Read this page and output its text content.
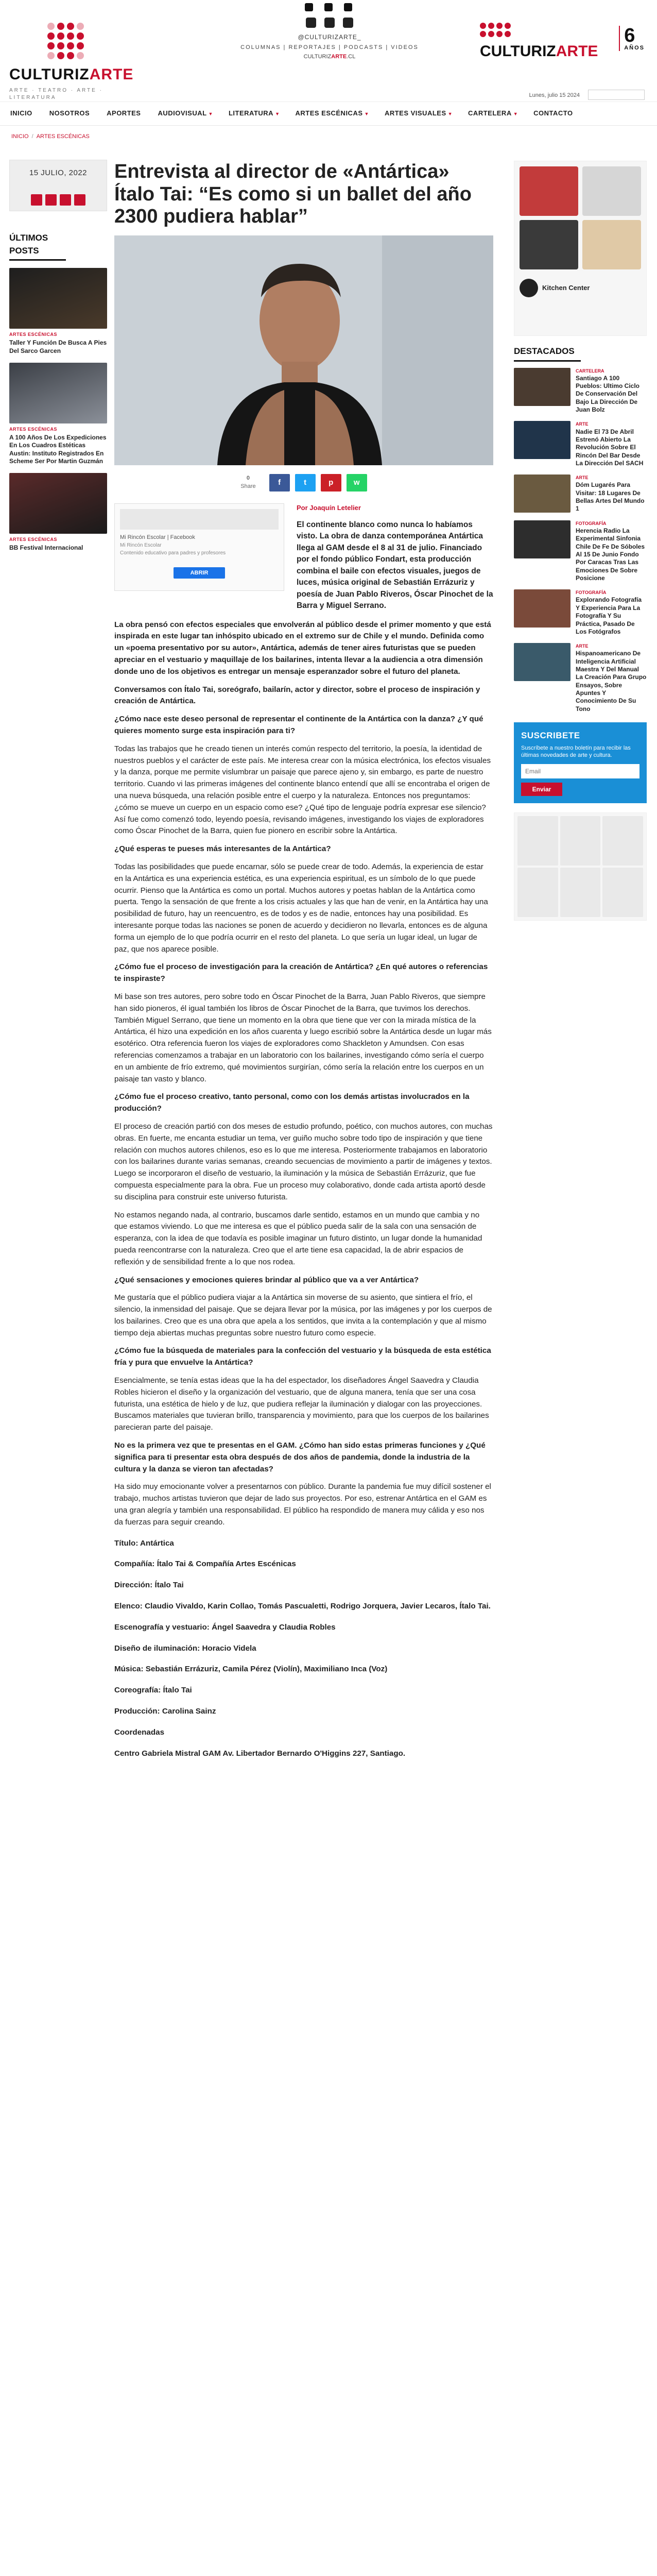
CULTURIZARTE
ARTE · TEATRO · ARTE · LITERATURA
@CULTURIZARTE_
COLUMNAS | REPORTAJES | PODCASTS | VIDEOS
CULTURIZARTE.CL	CULTURIZARTE
6
AÑOS
Lunes, julio 15 2024
INICIO	NOSOTROS	APORTES	AUDIOVISUAL ▼ LITERATURA ▼ ARTES ESCÉNICAS ▼ ARTES VISUALES ▼ CARTELERA ▼ CONTACTO
INICIO / ARTES ESCÉNICAS
15 JULIO, 2022
ÚLTIMOS POSTS
ARTES ESCÉNICAS
Taller Y Función De Busca A Pies Del Sarco Garcen
ARTES ESCÉNICAS
A 100 Años De Los Expediciones En Los Cuadros Estéticas Austin: Instituto Registrados En Scheme Ser Por Martin Guzmán
ARTES ESCÉNICAS
BB Festival Internacional
Entrevista al director de «Antártica» Ítalo Tai: “Es como si un ballet del año 2300 pudiera hablar”
0
Share	f	t	p	w
Mi Rincón Escolar | Facebook
Mi Rincón Escolar
Contenido educativo para padres y profesores
ABRIR
Por Joaquín Letelier

El continente blanco como nunca lo habíamos visto. La obra de danza contemporánea Antártica llega al GAM desde el 8 al 31 de julio. Financiado por el fondo público Fondart, esta producción combina el baile con efectos visuales, juegos de luces, música original de Sebastián Errázuriz y poesía de Juan Pablo Riveros, Óscar Pinochet de la Barra y Miguel Serrano.

La obra pensó con efectos especiales que envolverán al público desde el primer momento y que está inspirada en este lugar tan inhóspito ubicado en el extremo sur de Chile y el mundo. Definida como un «poema presentativo por su autor», Antártica, además de tener aires futuristas que se pueden apreciar en el vestuario y maquillaje de los bailarines, intenta llevar a la audiencia a otra dimensión donde uno de los objetivos es entregar un mensaje esperanzador sobre el futuro del planeta.

Conversamos con Ítalo Tai, soreógrafo, bailarín, actor y director, sobre el proceso de inspiración y creación de Antártica.

¿Cómo nace este deseo personal de representar el continente de la Antártica con la danza? ¿Y qué quieres momento surge esta inspiración para ti?

Todas las trabajos que he creado tienen un interés común respecto del territorio, la poesía, la identidad de nuestros pueblos y el carácter de este país. Me interesa crear con la música electrónica, los efectos visuales y la danza, porque me permite vislumbrar un paisaje que parece ajeno y, sin embargo, es parte de nuestro territorio. Cuando vi las primeras imágenes del continente blanco entendí que allí se encontraba el origen de una nueva búsqueda, una relación posible entre el cuerpo y la naturaleza. Entonces nos preguntamos: ¿cómo se mueve un cuerpo en un espacio como ese? ¿Qué tipo de lenguaje podría expresar ese silencio? Así fue como comenzó todo, leyendo poesía, revisando imágenes, investigando los viajes de exploradores como Óscar Pinochet de la Barra, quien fue pionero en escribir sobre la Antártica.

¿Qué esperas te pueses más interesantes de la Antártica?

Todas las posibilidades que puede encarnar, sólo se puede crear de todo. Además, la experiencia de estar en la Antártica es una experiencia estética, es una experiencia espiritual, es un símbolo de lo que puede ocurrir. Pienso que la Antártica es como un portal. Muchos autores y poetas hablan de la Antártica como puerta. Tengo la sensación de que frente a los crisis actuales y las que han de venir, en la Antártica hay una posibilidad de futuro, hay un reencuentro, es de todos y es de nadie, entonces hay una posibilidad. Es interesante porque todas las naciones se ponen de acuerdo y decidieron no llevarla, entonces es de alguna forma un ejemplo de lo que podría ocurrir en el resto del planeta. Lo que sería un lugar ideal, un lugar de paz, que nos aparece posible.

¿Cómo fue el proceso de investigación para la creación de Antártica? ¿En qué autores o referencias te inspiraste?

Mi base son tres autores, pero sobre todo en Óscar Pinochet de la Barra, Juan Pablo Riveros, que siempre han sido pioneros, él igual también los libros de Óscar Pinochet de la Barra, que tuvimos los derechos. También Miguel Serrano, que tiene un momento en la obra que tiene que ver con la mirada mística de la Antártica, él hizo una expedición en los años cuarenta y luego escribió sobre la Antártica desde un lugar más esotérico. Otra referencia fueron los viajes de exploradores como Shackleton y Amundsen. Con esas referencias comenzamos a trabajar en un laboratorio con los bailarines, investigando cómo sería el cuerpo en un ambiente de frío extremo, qué movimientos surgirían, cómo sería la relación entre los cuerpos en un paisaje tan vasto y blanco.

¿Cómo fue el proceso creativo, tanto personal, como con los demás artistas involucrados en la producción?

El proceso de creación partió con dos meses de estudio profundo, poético, con muchos autores, con muchas obras. En fuerte, me encanta estudiar un tema, ver guiño mucho sobre todo tipo de inspiración y que tiene relación con muchos autores chilenos, eso es lo que me interesa. Posteriormente trabajamos en laboratorio con los bailarines durante varias semanas, creando secuencias de movimiento a partir de imágenes y textos. Luego se incorporaron el diseño de vestuario, la iluminación y la música de Sebastián Errázuriz, que fue compuesta especialmente para la obra. Fue un proceso muy colaborativo, donde cada artista aportó desde su disciplina para construir este universo futurista.

No estamos negando nada, al contrario, buscamos darle sentido, estamos en un mundo que cambia y no que estamos viviendo. Lo que me interesa es que el público pueda salir de la sala con una sensación de esperanza, con la idea de que todavía es posible imaginar un futuro distinto, un lugar donde la humanidad pueda reencontrarse con la naturaleza. Creo que el arte tiene esa capacidad, la de abrir espacios de reflexión y de sensibilidad frente a lo que nos rodea.

¿Qué sensaciones y emociones quieres brindar al público que va a ver Antártica?

Me gustaría que el público pudiera viajar a la Antártica sin moverse de su asiento, que sintiera el frío, el silencio, la inmensidad del paisaje. Que se dejara llevar por la música, por las imágenes y por los cuerpos de los bailarines. Creo que es una obra que apela a los sentidos, que invita a la contemplación y que al mismo tiempo deja abiertas muchas preguntas sobre nuestro futuro como especie.

¿Cómo fue la búsqueda de materiales para la confección del vestuario y la búsqueda de esta estética fría y pura que envuelve la Antártica?

Esencialmente, se tenía estas ideas que la ha del espectador, los diseñadores Ángel Saavedra y Claudia Robles hicieron el diseño y la organización del vestuario, que de alguna manera, tenía que ser una cosa futurista, una estética de hielo y de luz, que pudiera reflejar la iluminación y dialogar con las proyecciones. Buscamos materiales que tuvieran brillo, transparencia y movimiento, para que los cuerpos de los bailarines parecieran parte del paisaje.

No es la primera vez que te presentas en el GAM. ¿Cómo han sido estas primeras funciones y ¿Qué significa para ti presentar esta obra después de dos años de pandemia, donde la industria de la cultura y la danza se vieron tan afectadas?

Ha sido muy emocionante volver a presentarnos con público. Durante la pandemia fue muy difícil sostener el trabajo, muchos artistas tuvieron que dejar de lado sus proyectos. Por eso, estrenar Antártica en el GAM es una gran alegría y también una responsabilidad. El público ha respondido de manera muy cálida y eso nos da fuerzas para seguir creando.

Título: Antártica

Compañía: Ítalo Tai & Compañía Artes Escénicas

Dirección: Ítalo Tai

Elenco: Claudio Vivaldo, Karin Collao, Tomás Pascualetti, Rodrigo Jorquera, Javier Lecaros, Ítalo Tai.

Escenografía y vestuario: Ángel Saavedra y Claudia Robles

Diseño de iluminación: Horacio Videla

Música: Sebastián Errázuriz, Camila Pérez (Violín), Maximiliano Inca (Voz)

Coreografía: Ítalo Tai

Producción: Carolina Sainz

Coordenadas

Centro Gabriela Mistral GAM Av. Libertador Bernardo O'Higgins 227, Santiago.

Kitchen Center
DESTACADOS
CARTELERA
Santiago A 100 Pueblos: Ultimo Ciclo De Conservación Del Bajo La Dirección De Juan Bolz
ARTE
Nadie El 73 De Abril Estrenó Abierto La Revolución Sobre El Rincón Del Bar Desde La Dirección Del SACH
ARTE
Dóm Lugarés Para Visitar: 18 Lugares De Bellas Artes Del Mundo 1
FOTOGRAFÍA
Herencia Radio La Experimental Sinfonia Chile De Fe De Sóboles Al 15 De Junio Fondo Por Caracas Tras Las Emociones De Sobre Posicione
FOTOGRAFÍA
Explorando Fotografía Y Experiencia Para La Fotografía Y Su Práctica, Pasado De Los Fotógrafos
ARTE
Hispanoamericano De Inteligencia Artificial Maestra Y Del Manual La Creación Para Grupo Ensayos, Sobre Apuntes Y Conocimiento De Su Tono
SUSCRIBETE

Suscríbete a nuestro boletín para recibir las últimas novedades de arte y cultura.

Email
Enviar
